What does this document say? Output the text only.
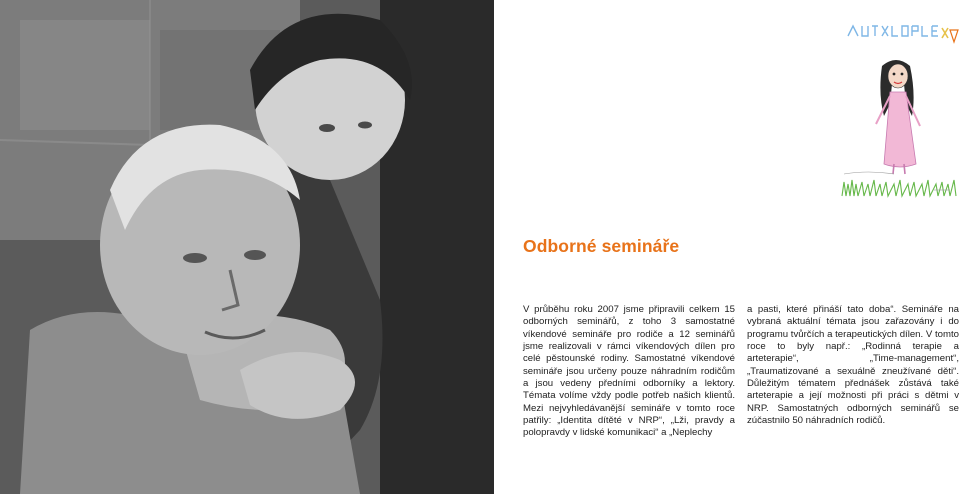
Odborné semináře

V průběhu roku 2007 jsme připravili celkem 15 odborných seminářů, z toho 3 samostatné víkendové semináře pro rodiče a 12 seminářů jsme realizovali v rámci víkendových dílen pro celé pěstounské rodiny. Samostatné víkendové semináře jsou určeny pouze náhradním rodičům a jsou vedeny předními odborníky a lektory. Témata volíme vždy podle potřeb našich klientů. Mezi nejvyhledávanější semináře v tomto roce patřily: „Identita dítěté v NRP“, „Lži, pravdy a polopravdy v lidské komunikaci“ a „Neplechy

a pasti, které přináší tato doba“. Semináře na vybraná aktuální témata jsou zařazovány i do programu tvůrčích a terapeutických dílen. V tomto roce to byly např.: „Rodinná terapie a arteterapie“, „Time-management“, „Traumatizované a sexuálně zneužívané děti“. Důležitým tématem přednášek zůstává také arteterapie a její možnosti při práci s dětmi v NRP. Samostatných odborných seminářů se zúčastnilo 50 náhradních rodičů.
